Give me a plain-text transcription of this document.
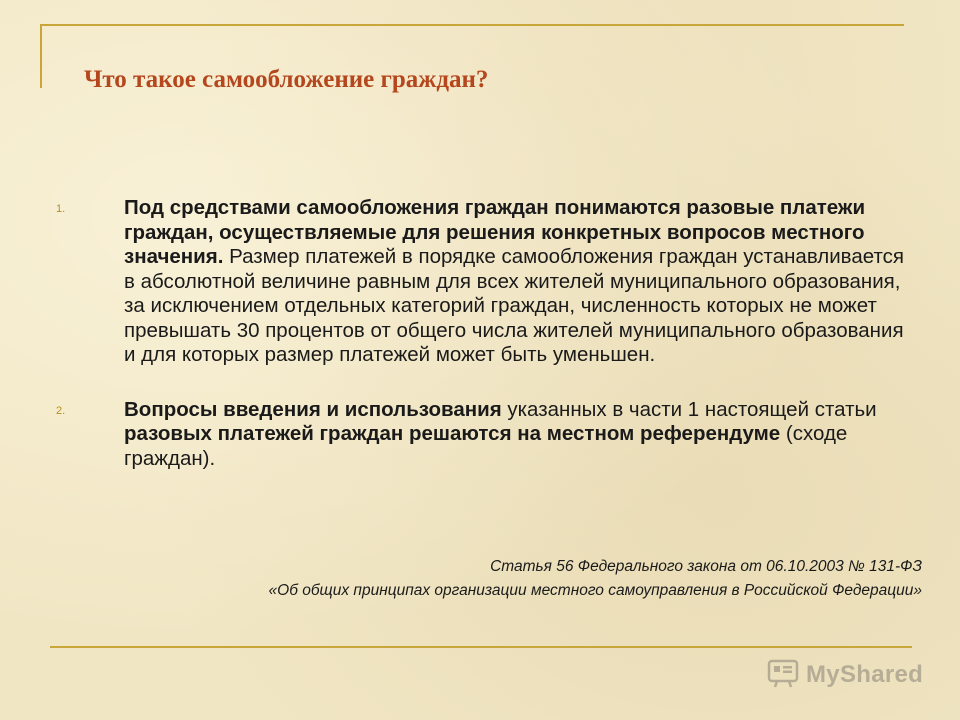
Что такое самообложение граждан?
1.	Под средствами самообложения граждан понимаются разовые платежи граждан, осуществляемые для решения конкретных вопросов местного значения. Размер платежей в порядке самообложения граждан устанавливается в абсолютной величине равным для всех жителей муниципального образования, за исключением отдельных категорий граждан, численность которых не может превышать 30 процентов от общего числа жителей муниципального образования и для которых размер платежей может быть уменьшен.
2.	Вопросы введения и использования указанных в части 1 настоящей статьи разовых платежей граждан решаются на местном референдуме (сходе граждан).
Статья 56 Федерального закона от 06.10.2003 № 131-ФЗ
«Об общих принципах организации местного самоуправления в Российской Федерации»
MyShared
